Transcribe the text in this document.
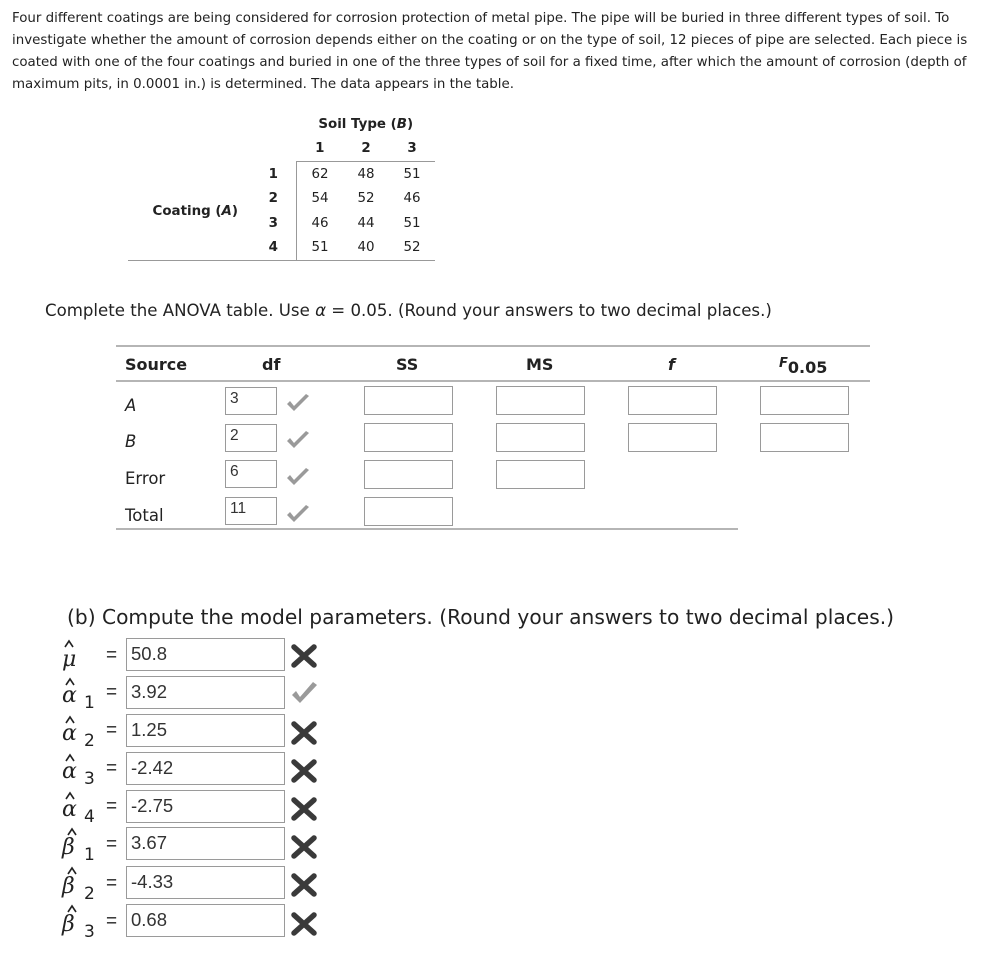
Four different coatings are being considered for corrosion protection of metal pipe. The pipe will be buried in three different types of soil. To investigate whether the amount of corrosion depends either on the coating or on the type of soil, 12 pieces of pipe are selected. Each piece is coated with one of the four coatings and buried in one of the three types of soil for a fixed time, after which the amount of corrosion (depth of maximum pits, in 0.0001 in.) is determined. The data appears in the table.
		Soil Type (B)		
		1	2	3
	1	62	48	51
Coating (A)	2	54	52	46
	3	46	44	51
	4	51	40	52
Complete the ANOVA table. Use α = 0.05. (Round your answers to two decimal places.)
Source	df	SS	MS	f	F0.05
A	3
B	2
Error	6
Total	11
(b) Compute the model parameters. (Round your answers to two decimal places.)
μ = 50.8
α 1 = 3.92
α 2 = 1.25
α 3 = -2.42
α 4 = -2.75
β 1 = 3.67
β 2 = -4.33
β 3 = 0.68
